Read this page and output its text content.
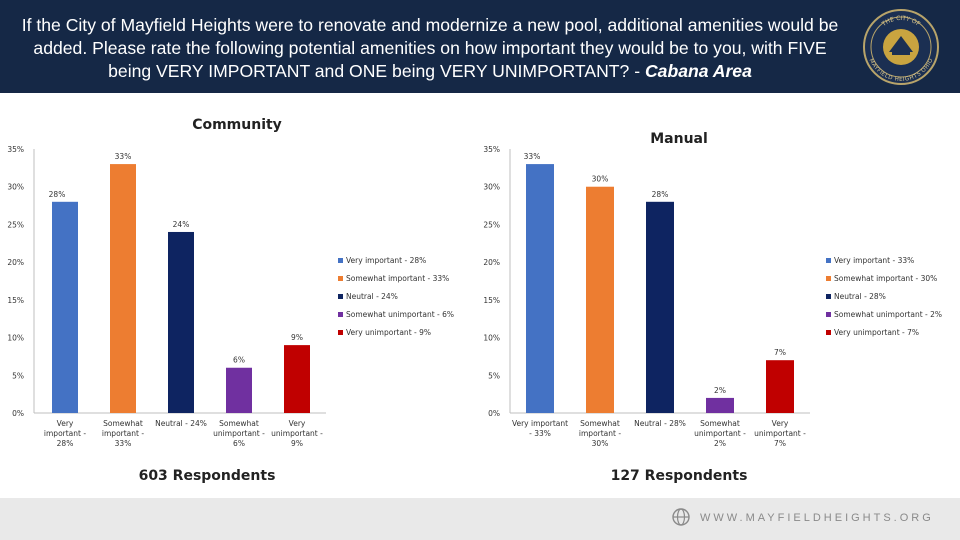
If the City of Mayfield Heights were to renovate and modernize a new pool, additional amenities would be
added. Please rate the following potential amenities on how important they would be to you, with FIVE
being VERY IMPORTANT and ONE being VERY UNIMPORTANT? - Cabana Area
THE CITY OF
MAYFIELD HEIGHTS OHIO
Community
0%
5%
10%
15%
20%
25%
30%
35%
28%
Very
important -
28%
33%
Somewhat
important -
33%
24%
Neutral - 24%
6%
Somewhat
unimportant -
6%
9%
Very
unimportant -
9%
Very important - 28%
Somewhat important - 33%
Neutral - 24%
Somewhat unimportant - 6%
Very unimportant - 9%
603 Respondents
Manual
0%
5%
10%
15%
20%
25%
30%
35%
33%
Very important
- 33%
30%
Somewhat
important -
30%
28%
Neutral - 28%
2%
Somewhat
unimportant -
2%
7%
Very
unimportant -
7%
Very important - 33%
Somewhat important - 30%
Neutral - 28%
Somewhat unimportant - 2%
Very unimportant - 7%
127 Respondents
WWW.MAYFIELDHEIGHTS.ORG
